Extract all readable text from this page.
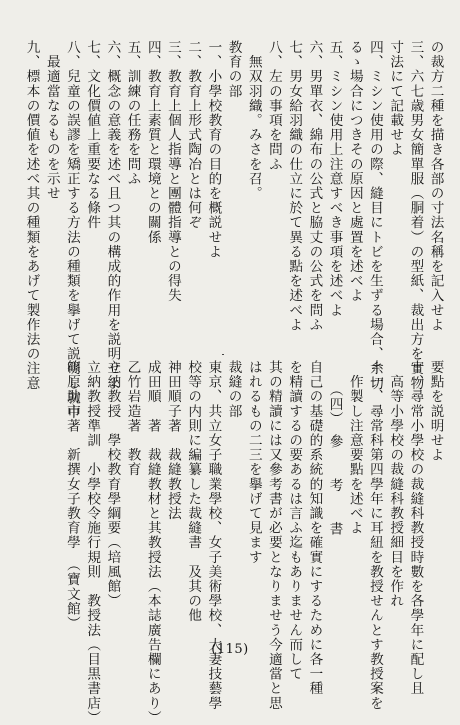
の裁方二種を描き各部の寸法名稱を記入せよ
三、六七歳男女簡單服（胴着）の型紙、裁出方を實物
寸法にて記載せよ
四、ミシン使用の際、縫目にトビを生ずる場合、糸切
るゝ場合につきその原因と處置を述べよ
五、ミシン使用上注意すべき事項を述べよ
六、男單衣、綿布の公式と脇丈の公式を問ふ
七、男女給羽織の仕立に於て異る點を述べよ
八、左の事項を問ふ
　無双羽織。みさを召。
教育の部
一、小學校教育の目的を概説せよ
二、教育上形式陶冶とは何ぞ
三、教育上個人指導と團體指導との得失
四、教育上素質と環境との關係
五、訓練の任務を問ふ
六、概念の意義を述べ且つ其の構成的作用を説明せよ
七、文化價値上重要なる條件
八、兒童の誤謬を矯正する方法の種類を擧げて説明し就中
　最適當なるものを示せ
九、標本の價値を述べ其の種類をあげて製作法の注意
要點を説明せよ
十、尋常小學校の裁縫科教授時數を各學年に配し且
　高等小學校の裁縫科教授細目を作れ
十一、尋常科第四學年に耳紐を教授せんとす教授案を
　作製し注意要點を述べよ
　　（四）　參　　考　　書
自己の基礎的系統的知識を確實にするために各一種
を精讀するの要あるは言ふ迄もありません而して
其の精讀には又參考書が必要となりませう今適當と思
はれるもの二三を擧げて見ます
裁縫の部
東京、共立女子職業學校、女子美術學校、大妻技藝學
校等の内則に編纂した裁縫書　及其の他
神田順子著　裁縫教授法
成田順　著　裁縫教材と其教授法（本誌廣告欄にあり）
乙竹岩造著　教育
立納教授　學校教育學綱要（培風館）
立納教授準訓　小學校令施行規則　教授法（目黒書店）
篠原助市著　新撰女子教育學　（寶文館）
(115)
